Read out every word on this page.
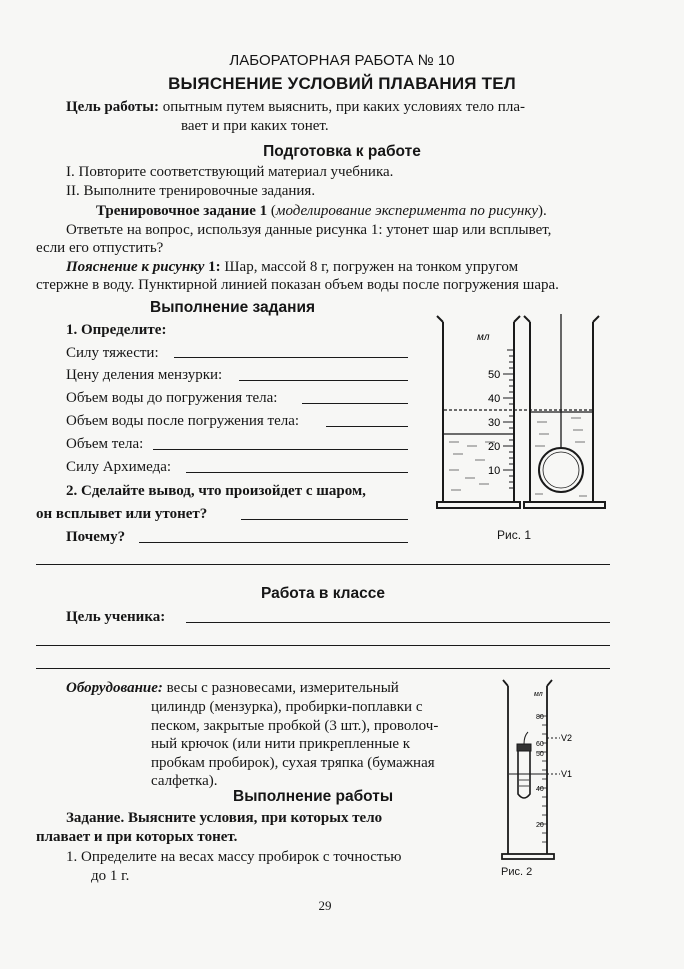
ЛАБОРАТОРНАЯ РАБОТА № 10
ВЫЯСНЕНИЕ УСЛОВИЙ ПЛАВАНИЯ ТЕЛ
Цель работы: опытным путем выяснить, при каких условиях тело пла-
вает и при каких тонет.
Подготовка к работе
I. Повторите соответствующий материал учебника.
II. Выполните тренировочные задания.
Тренировочное задание 1 (моделирование эксперимента по рисунку).
Ответьте на вопрос, используя данные рисунка 1: утонет шар или всплывет,
если его отпустить?
Пояснение к рисунку 1: Шар, массой 8 г, погружен на тонком упругом
стержне в воду. Пунктирной линией показан объем воды после погружения шара.
Выполнение задания
1. Определите:
Силу тяжести:
Цену деления мензурки:
Объем воды до погружения тела:
Объем воды после погружения тела:
Объем тела:
Силу Архимеда:
2. Сделайте вывод, что произойдет с шаром,
он всплывет или утонет?
Почему?
мл
50
40
30
20
10
Рис. 1
Работа в классе
Цель ученика:
Оборудование: весы с разновесами, измерительный
цилиндр (мензурка), пробирки-поплавки с
песком, закрытые пробкой (3 шт.), проволоч-
ный крючок (или нити прикрепленные к
пробкам пробирок), сухая тряпка (бумажная
салфетка).
Выполнение работы
Задание. Выясните условия, при которых тело
плавает и при которых тонет.
1. Определите на весах массу пробирок с точностью
до 1 г.
мл
80
60
50
40
20
V2
V1
Рис. 2
29
